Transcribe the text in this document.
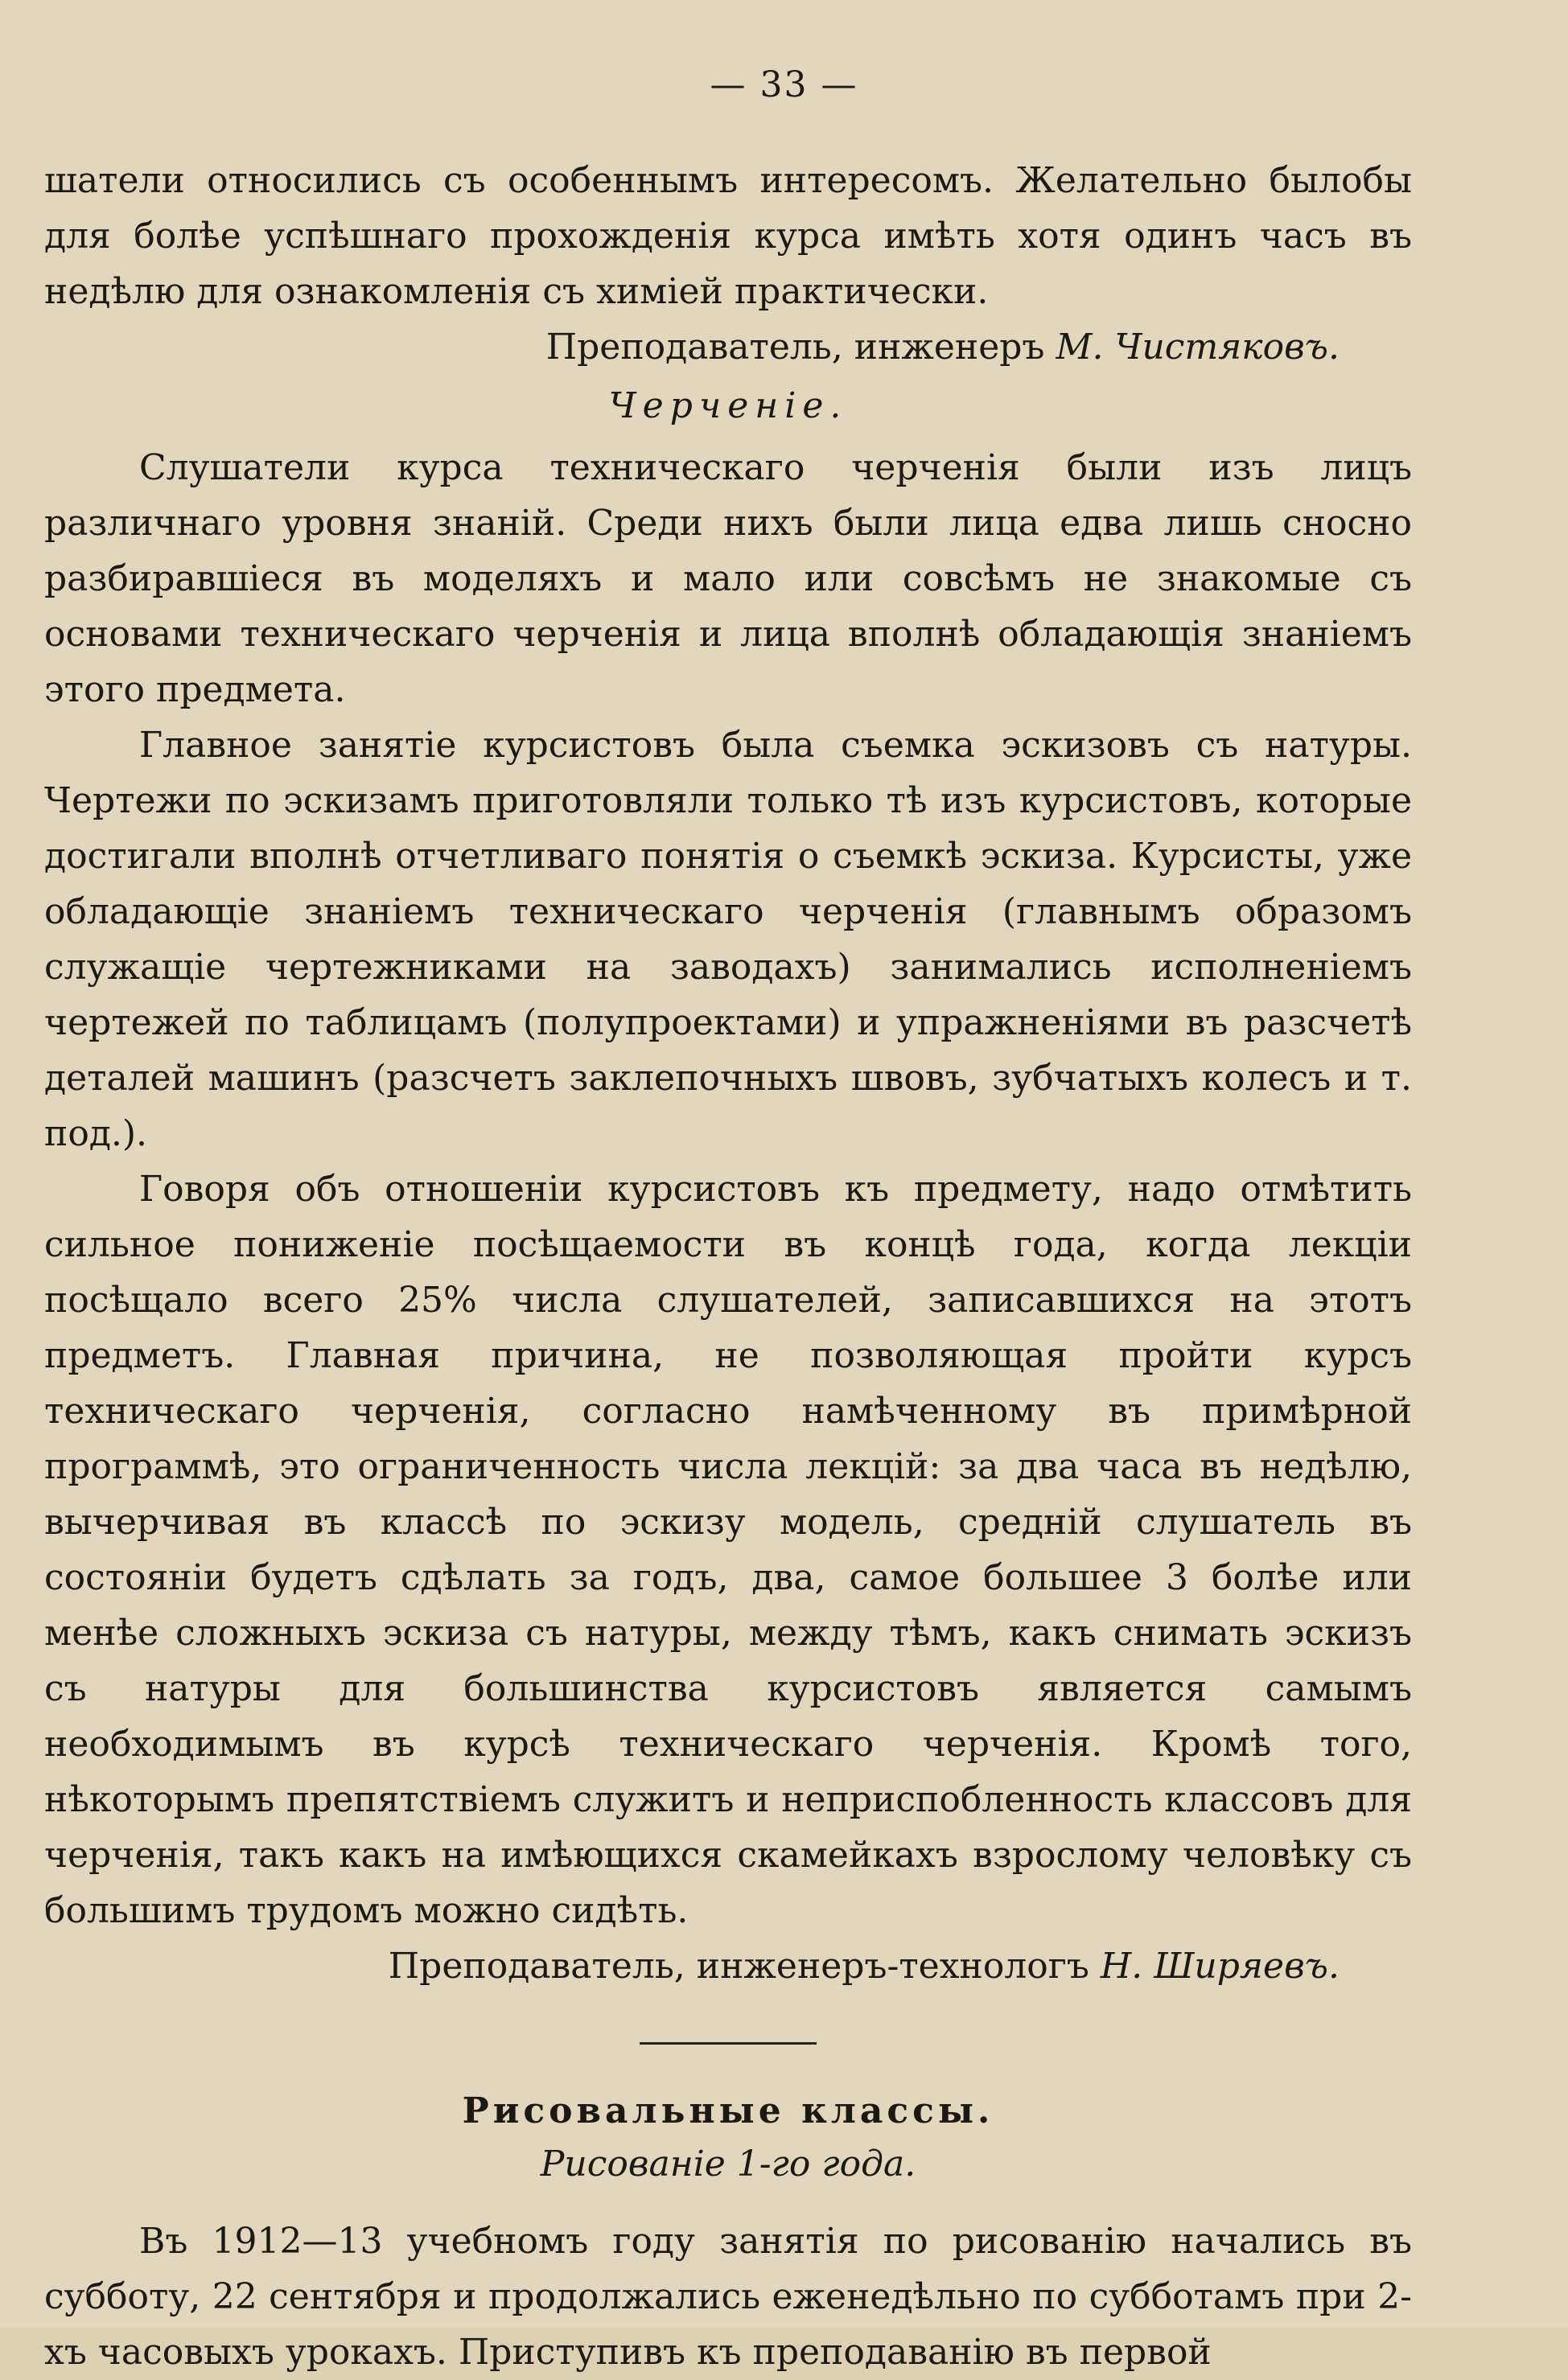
— 33 —

шатели относились съ особеннымъ интересомъ. Желательно былобы для болѣе успѣшнаго прохожденія курса имѣть хотя одинъ часъ въ недѣлю для ознакомленія съ химіей практически.

Преподаватель, инженеръ М. Чистяковъ.

Черченіе.

Слушатели курса техническаго черченія были изъ лицъ различнаго уровня знаній. Среди нихъ были лица едва лишь сносно разбиравшіеся въ моделяхъ и мало или совсѣмъ не знакомые съ основами техническаго черченія и лица вполнѣ обладающія знаніемъ этого предмета.

Главное занятіе курсистовъ была съемка эскизовъ съ натуры. Чертежи по эскизамъ приготовляли только тѣ изъ курсистовъ, которые достигали вполнѣ отчетливаго понятія о съемкѣ эскиза. Курсисты, уже обладающіе знаніемъ техническаго черченія (главнымъ образомъ служащіе чертежниками на заводахъ) занимались исполненіемъ чертежей по таблицамъ (полупроектами) и упражненіями въ разсчетѣ деталей машинъ (разсчетъ заклепочныхъ швовъ, зубчатыхъ колесъ и т. под.).

Говоря объ отношеніи курсистовъ къ предмету, надо отмѣтить сильное пониженіе посѣщаемости въ концѣ года, когда лекціи посѣщало всего 25% числа слушателей, записавшихся на этотъ предметъ. Главная причина, не позволяющая пройти курсъ техническаго черченія, согласно намѣченному въ примѣрной программѣ, это ограниченность числа лекцій: за два часа въ недѣлю, вычерчивая въ классѣ по эскизу модель, средній слушатель въ состояніи будетъ сдѣлать за годъ, два, самое большее 3 болѣе или менѣе сложныхъ эскиза съ натуры, между тѣмъ, какъ снимать эскизъ съ натуры для большинства курсистовъ является самымъ необходимымъ въ курсѣ техническаго черченія. Кромѣ того, нѣкоторымъ препятствіемъ служитъ и неприспобленность классовъ для черченія, такъ какъ на имѣющихся скамейкахъ взрослому человѣку съ большимъ трудомъ можно сидѣть.

Преподаватель, инженеръ-технологъ Н. Ширяевъ.

Рисовальные классы.

Рисованіе 1-го года.

Въ 1912—13 учебномъ году занятія по рисованію начались въ субботу, 22 сентября и продолжались еженедѣльно по субботамъ при 2-хъ часовыхъ урокахъ. Приступивъ къ преподаванію въ первой
